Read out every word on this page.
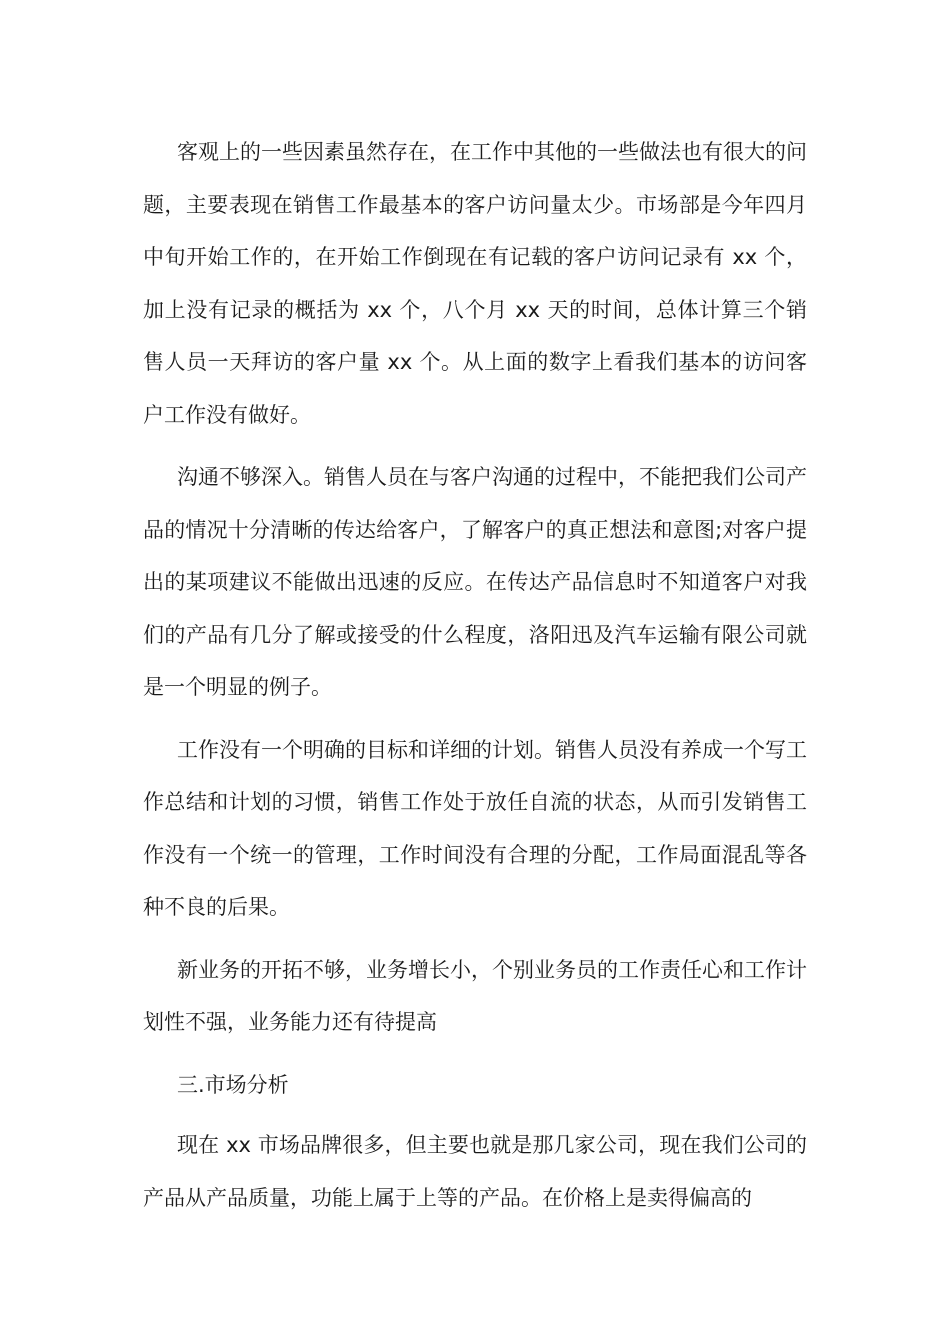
客观上的一些因素虽然存在，在工作中其他的一些做法也有很大的问题，主要表现在销售工作最基本的客户访问量太少。市场部是今年四月中旬开始工作的，在开始工作倒现在有记载的客户访问记录有 xx 个，加上没有记录的概括为 xx 个，八个月 xx 天的时间，总体计算三个销售人员一天拜访的客户量 xx 个。从上面的数字上看我们基本的访问客户工作没有做好。

沟通不够深入。销售人员在与客户沟通的过程中，不能把我们公司产品的情况十分清晰的传达给客户，了解客户的真正想法和意图;对客户提出的某项建议不能做出迅速的反应。在传达产品信息时不知道客户对我们的产品有几分了解或接受的什么程度，洛阳迅及汽车运输有限公司就是一个明显的例子。

工作没有一个明确的目标和详细的计划。销售人员没有养成一个写工作总结和计划的习惯，销售工作处于放任自流的状态，从而引发销售工作没有一个统一的管理，工作时间没有合理的分配，工作局面混乱等各种不良的后果。

新业务的开拓不够，业务增长小，个别业务员的工作责任心和工作计划性不强，业务能力还有待提高

三.市场分析

现在 xx 市场品牌很多，但主要也就是那几家公司，现在我们公司的产品从产品质量，功能上属于上等的产品。在价格上是卖得偏高的
